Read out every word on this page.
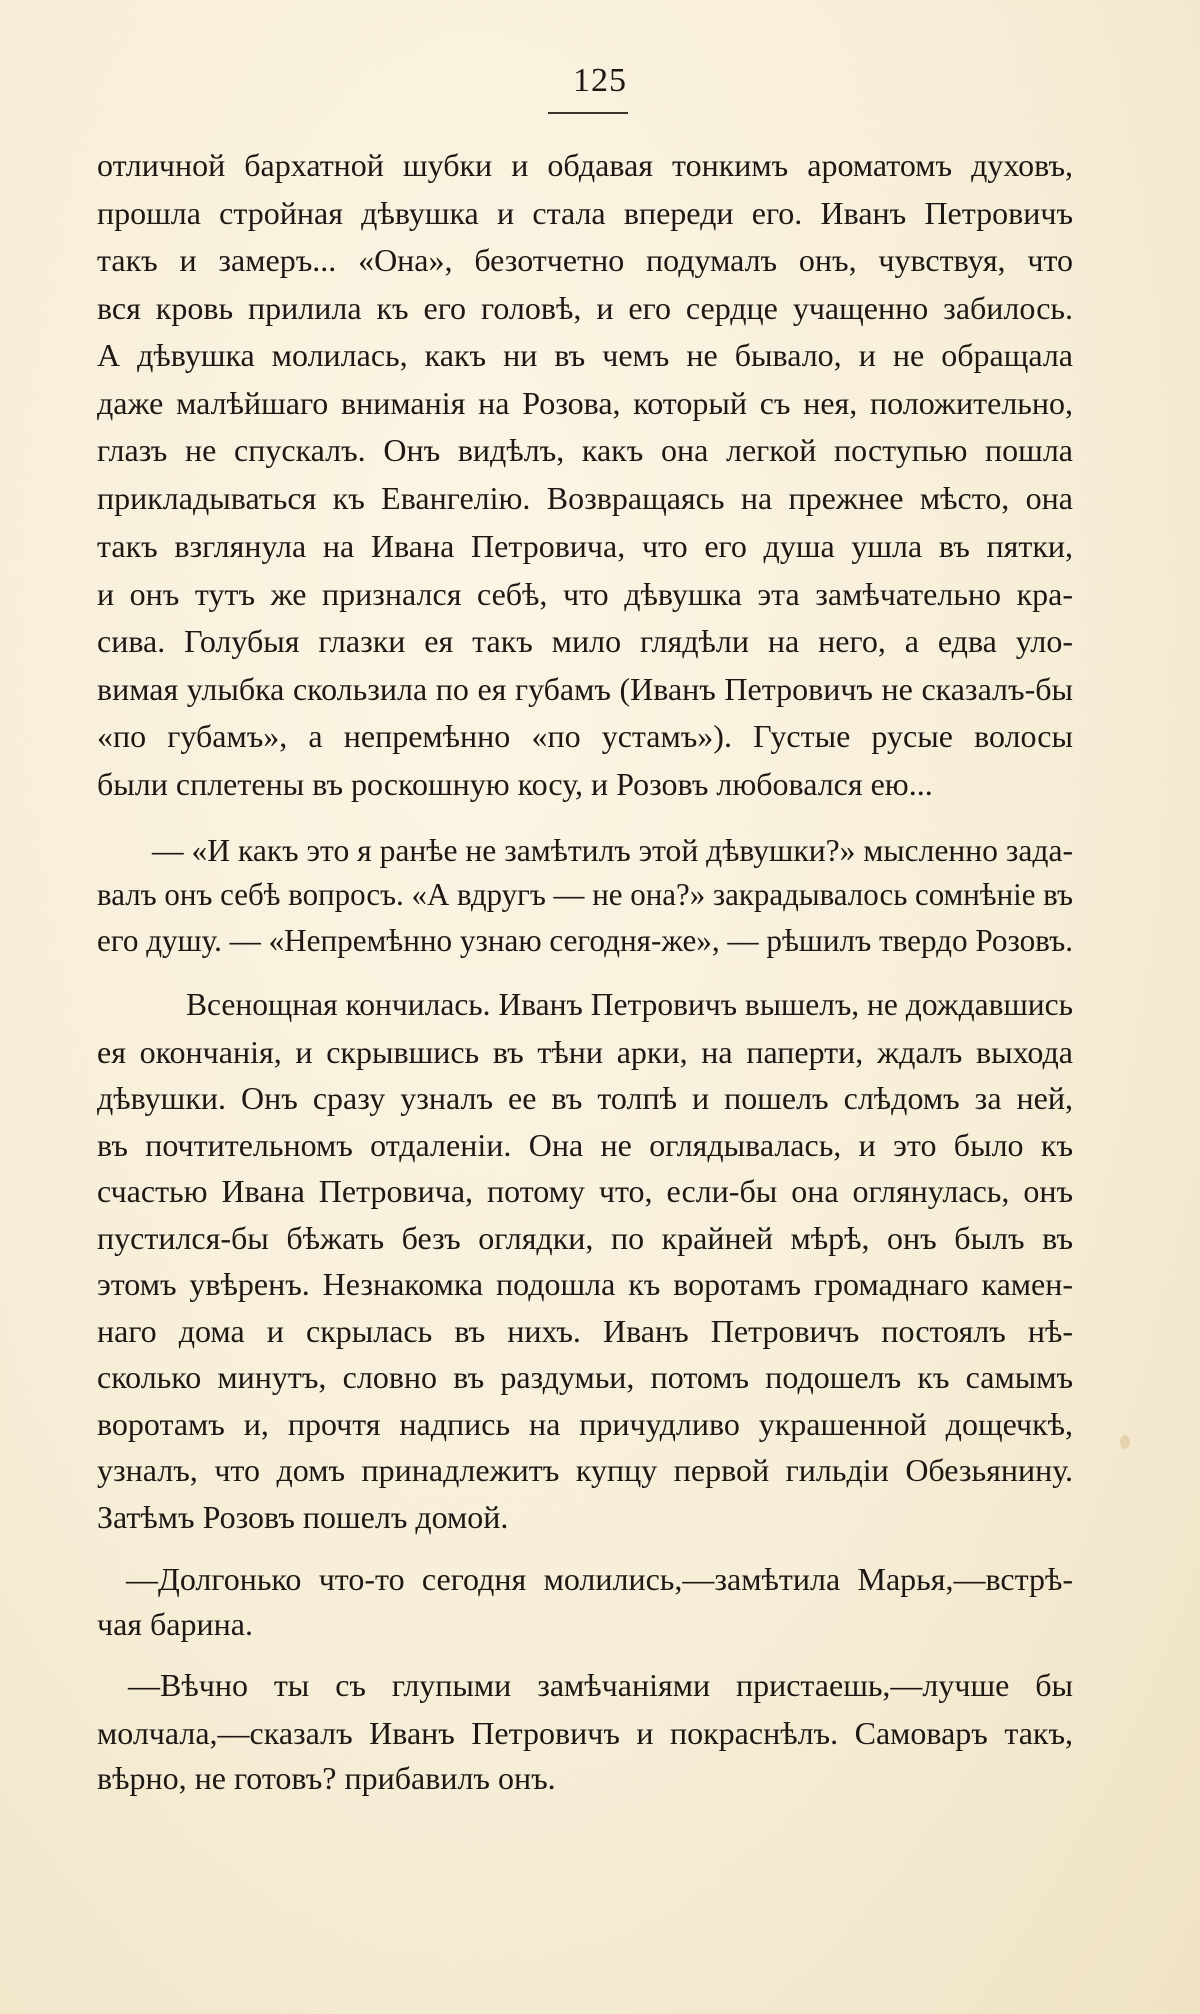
125
отличной бархатной шубки и обдавая тонкимъ ароматомъ духовъ,
прошла стройная дѣвушка и стала впереди его. Иванъ Петровичъ
такъ и замеръ... «Она», безотчетно подумалъ онъ, чувствуя, что
вся кровь прилила къ его головѣ, и его сердце учащенно забилось.
А дѣвушка молилась, какъ ни въ чемъ не бывало, и не обращала
даже малѣйшаго вниманія на Розова, который съ нея, положительно,
глазъ не спускалъ. Онъ видѣлъ, какъ она легкой поступью пошла
прикладываться къ Евангелію. Возвращаясь на прежнее мѣсто, она
такъ взглянула на Ивана Петровича, что его душа ушла въ пятки,
и онъ тутъ же признался себѣ, что дѣвушка эта замѣчательно кра-
сива. Голубыя глазки ея такъ мило глядѣли на него, а едва уло-
вимая улыбка скользила по ея губамъ (Иванъ Петровичъ не сказалъ-бы
«по губамъ», а непремѣнно «по устамъ»). Густые русые волосы
были сплетены въ роскошную косу, и Розовъ любовался ею...
— «И какъ это я ранѣе не замѣтилъ этой дѣвушки?» мысленно зада-
валъ онъ себѣ вопросъ. «А вдругъ — не она?» закрадывалось сомнѣніе въ
его душу. — «Непремѣнно узнаю сегодня-же», — рѣшилъ твердо Розовъ.
Всенощная кончилась. Иванъ Петровичъ вышелъ, не дождавшись
ея окончанія, и скрывшись въ тѣни арки, на паперти, ждалъ выхода
дѣвушки. Онъ сразу узналъ ее въ толпѣ и пошелъ слѣдомъ за ней,
въ почтительномъ отдаленіи. Она не оглядывалась, и это было къ
счастью Ивана Петровича, потому что, если-бы она оглянулась, онъ
пустился-бы бѣжать безъ оглядки, по крайней мѣрѣ, онъ былъ въ
этомъ увѣренъ. Незнакомка подошла къ воротамъ громаднаго камен-
наго дома и скрылась въ нихъ. Иванъ Петровичъ постоялъ нѣ-
сколько минутъ, словно въ раздумьи, потомъ подошелъ къ самымъ
воротамъ и, прочтя надпись на причудливо украшенной дощечкѣ,
узналъ, что домъ принадлежитъ купцу первой гильдіи Обезьянину.
Затѣмъ Розовъ пошелъ домой.
—Долгонько что-то сегодня молились,—замѣтила Марья,—встрѣ-
чая барина.
—Вѣчно ты съ глупыми замѣчаніями пристаешь,—лучше бы
молчала,—сказалъ Иванъ Петровичъ и покраснѣлъ. Самоваръ такъ,
вѣрно, не готовъ? прибавилъ онъ.
